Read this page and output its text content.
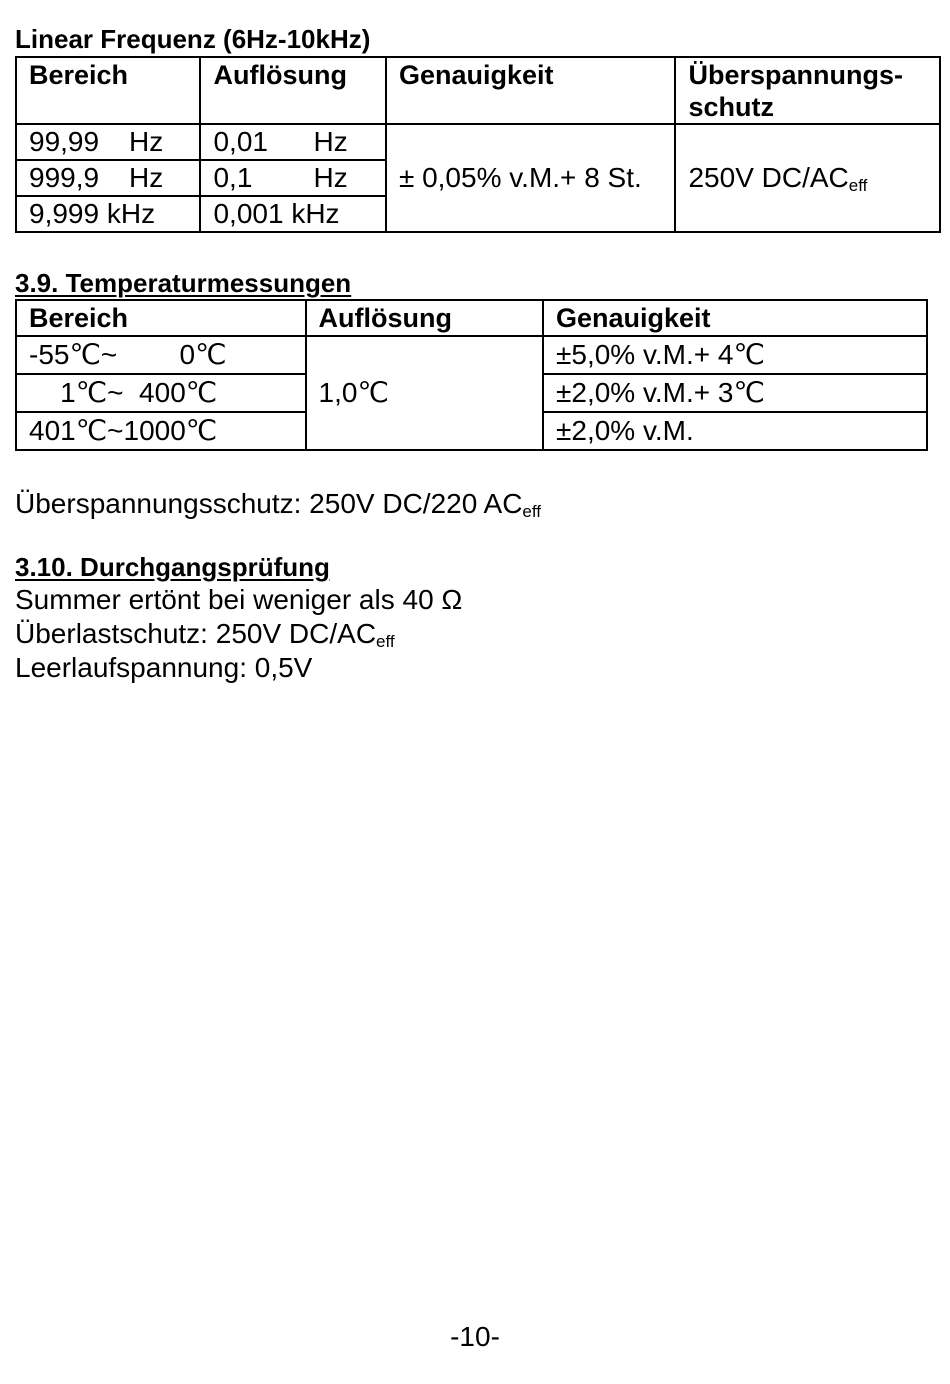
Linear Frequenz (6Hz-10kHz)
Bereich	Auflösung	Genauigkeit	Überspannungs-
schutz
99,99 Hz	0,01 Hz	± 0,05% v.M.+ 8 St.	250V $DC/AC_{eff}$
999,9 Hz	0,1 Hz		
9,999 kHz	0,001 kHz		
3.9. Temperaturmessungen
Bereich	Auflösung	Genauigkeit
-55℃~        0℃	1,0℃	±5,0% v.M.+ 4℃
1℃~  400℃		±2,0% v.M.+ 3℃
401℃~1000℃		±2,0% v.M.
Überspannungsschutz: 250V DC/220 $AC_{eff}$
3.10. Durchgangsprüfung
Summer ertönt bei weniger als 40 Ω
Überlastschutz: 250V $DC/AC_{eff}$
Leerlaufspannung: 0,5V
-10-
